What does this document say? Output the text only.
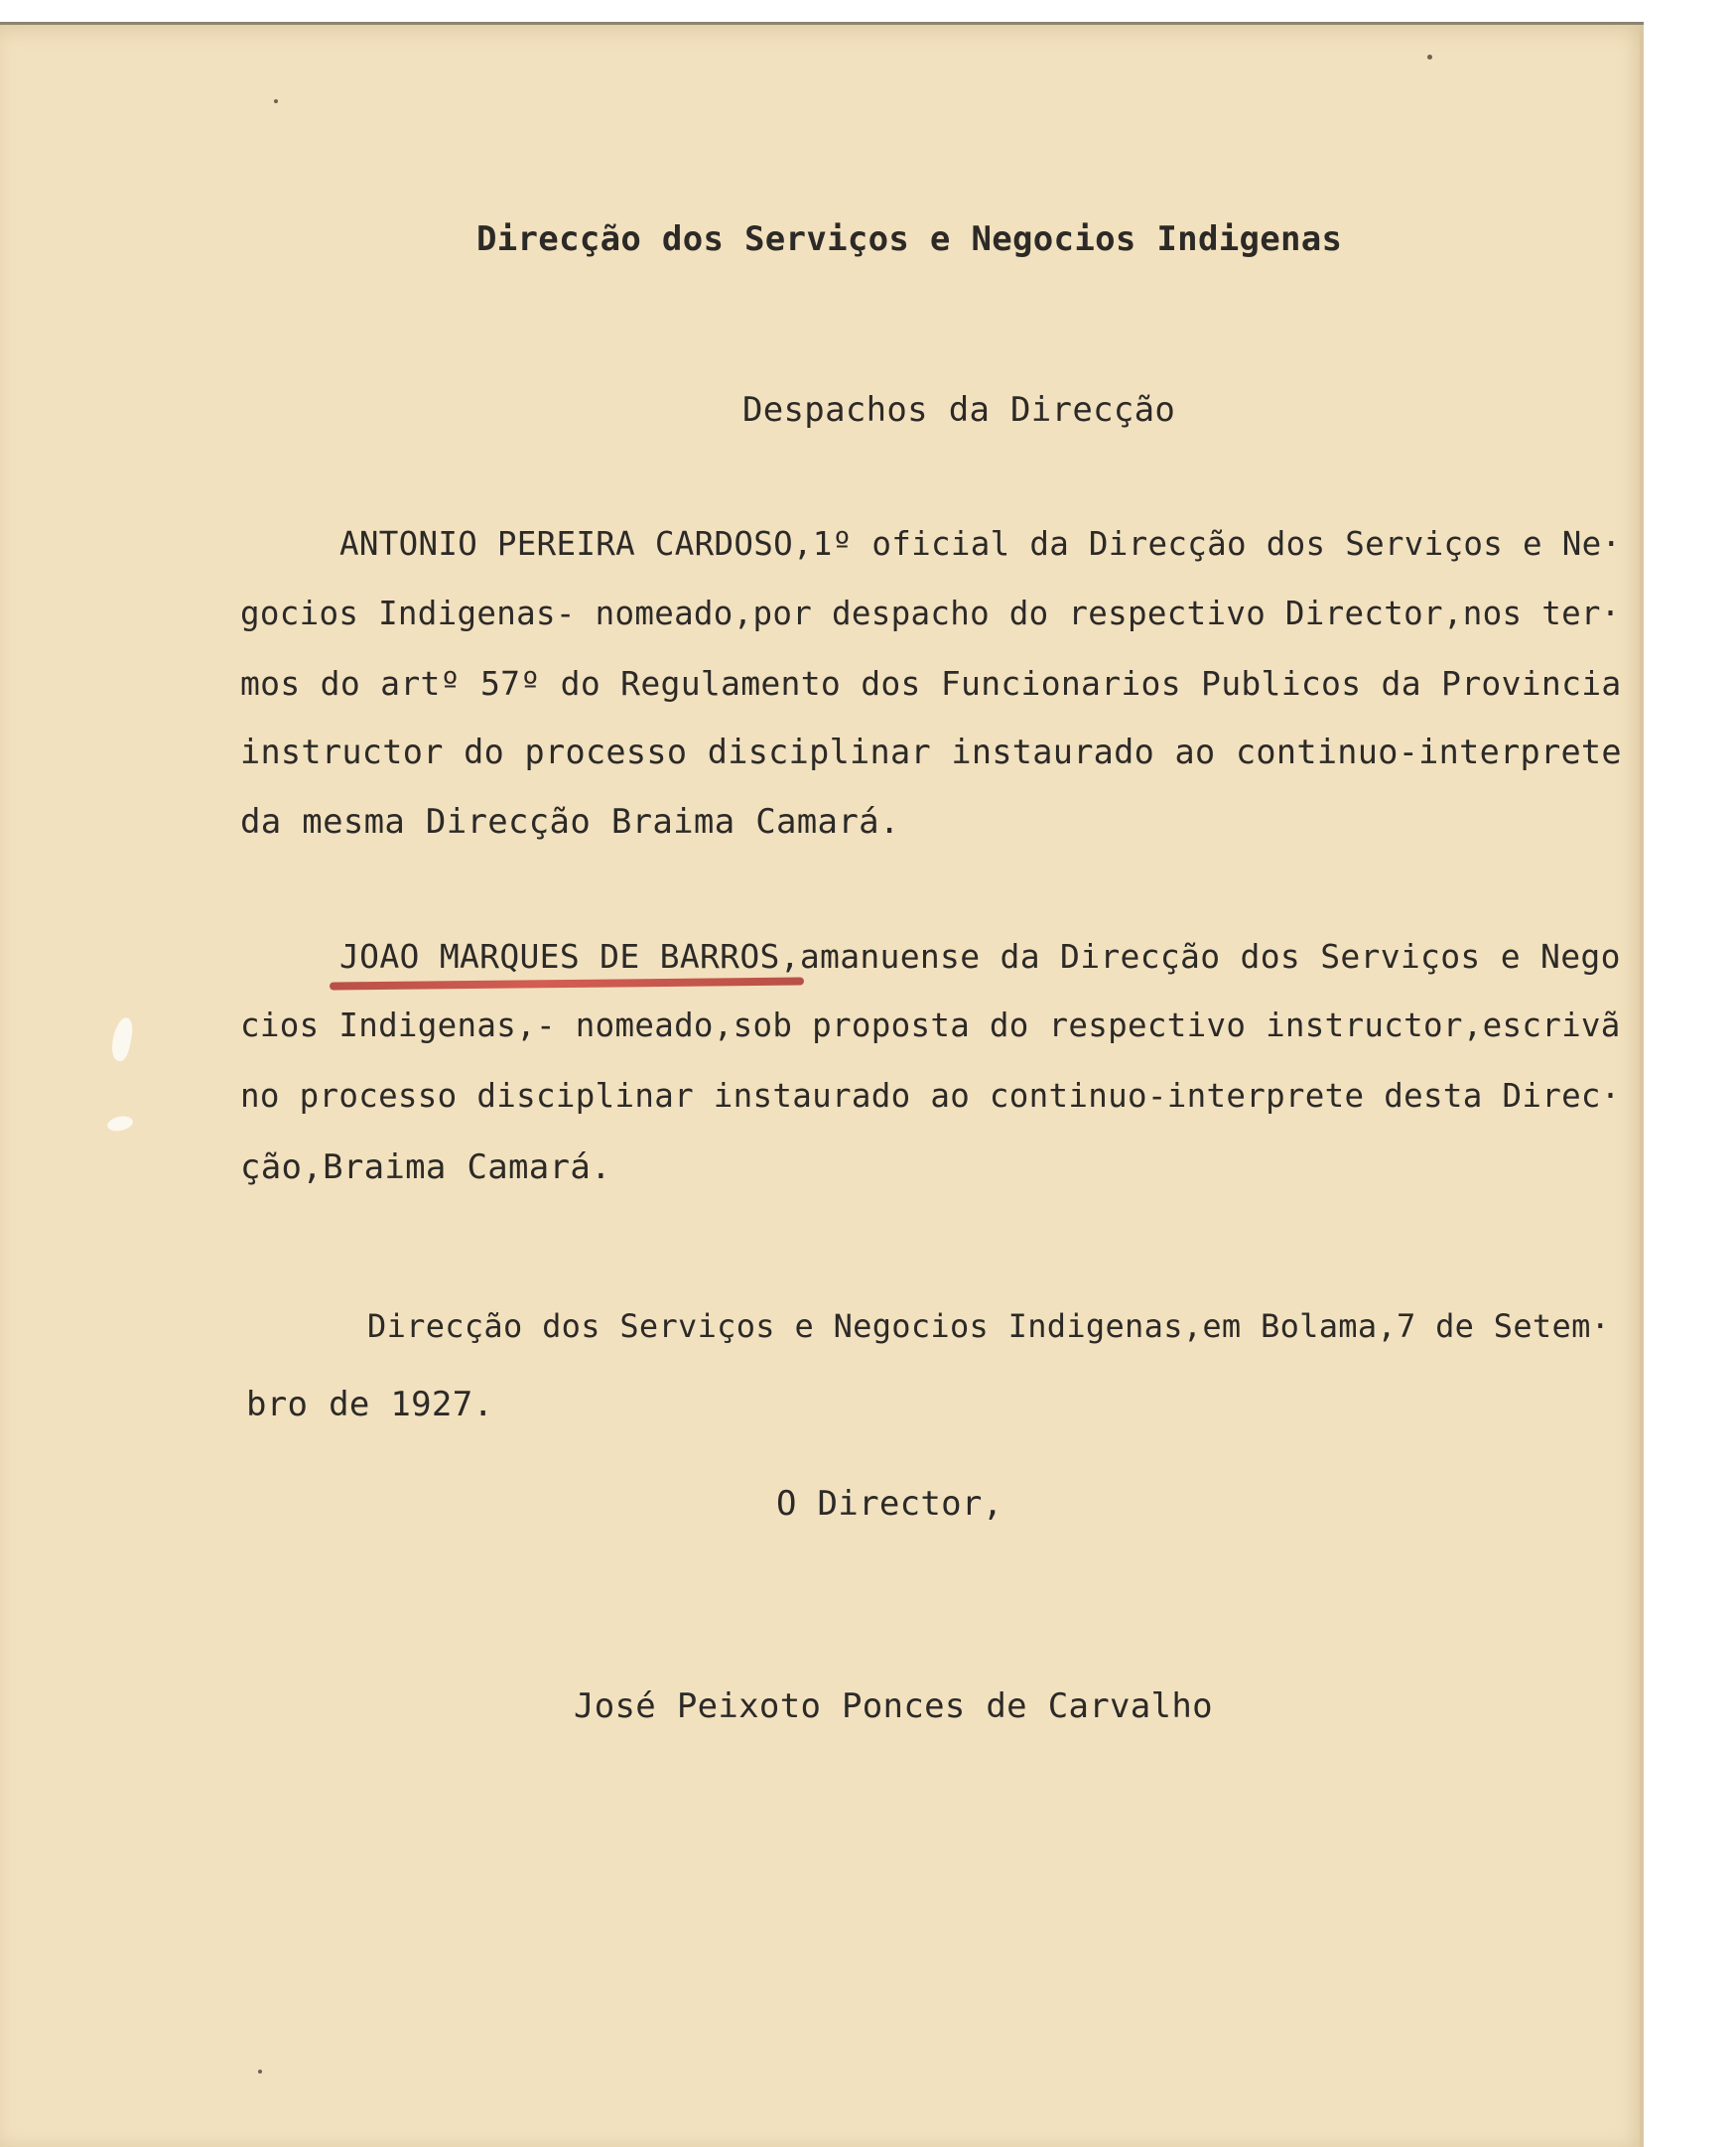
Direcção dos Serviços e Negocios Indigenas
Despachos da Direcção
ANTONIO PEREIRA CARDOSO,1º oficial da Direcção dos Serviços e Ne·
gocios Indigenas- nomeado,por despacho do respectivo Director,nos ter·
mos do artº 57º do Regulamento dos Funcionarios Publicos da Provincia
instructor do processo disciplinar instaurado ao continuo-interprete
da mesma Direcção Braima Camará.
JOAO MARQUES DE BARROS,amanuense da Direcção dos Serviços e Nego
cios Indigenas,- nomeado,sob proposta do respectivo instructor,escrivã
no processo disciplinar instaurado ao continuo-interprete desta Direc·
ção,Braima Camará.
Direcção dos Serviços e Negocios Indigenas,em Bolama,7 de Setem·
bro de 1927.
O Director,
José Peixoto Ponces de Carvalho
